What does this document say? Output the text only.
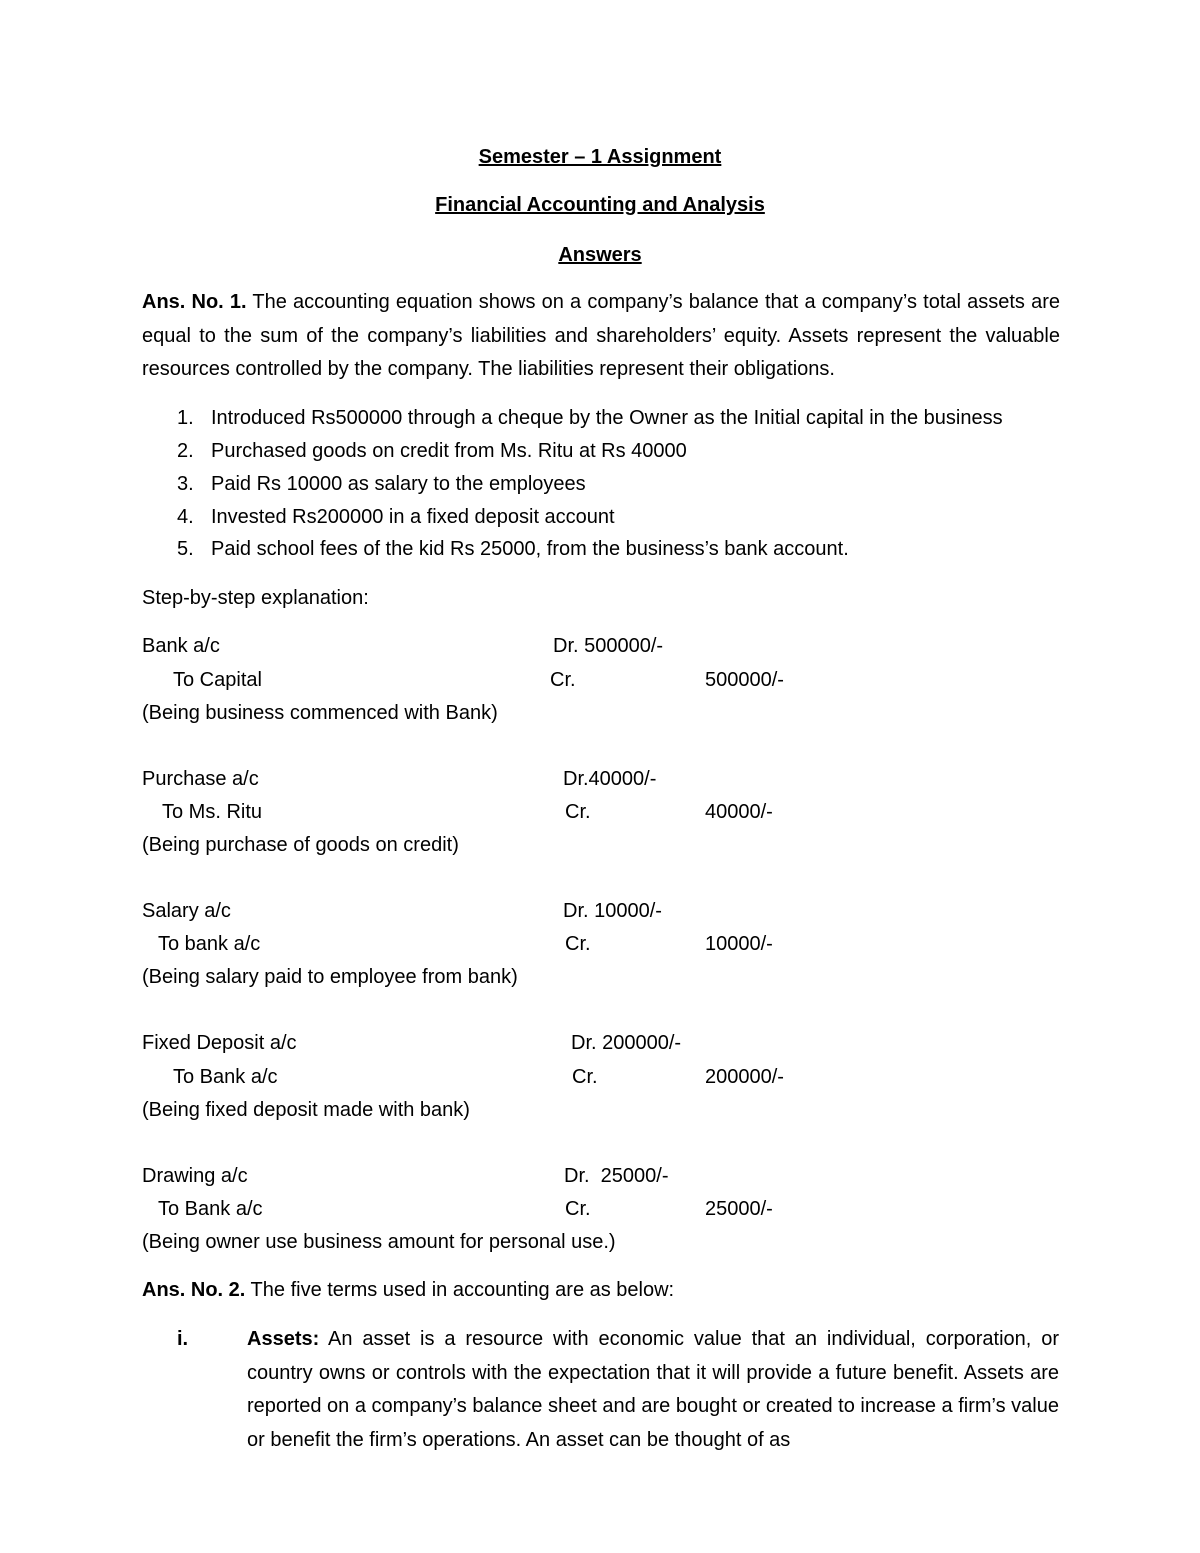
Semester – 1 Assignment
Financial Accounting and Analysis
Answers
Ans. No. 1. The accounting equation shows on a company’s balance that a company’s total assets are equal to the sum of the company’s liabilities and shareholders’ equity. Assets represent the valuable resources controlled by the company. The liabilities represent their obligations.
1. Introduced Rs500000 through a cheque by the Owner as the Initial capital in the business
2. Purchased goods on credit from Ms. Ritu at Rs 40000
3. Paid Rs 10000 as salary to the employees
4. Invested Rs200000 in a fixed deposit account
5. Paid school fees of the kid Rs 25000, from the business’s bank account.
Step-by-step explanation:
Bank a/c	Dr. 500000/-
To Capital	Cr.	500000/-
(Being business commenced with Bank)
Purchase a/c	Dr.40000/-
To Ms. Ritu	Cr.	40000/-
(Being purchase of goods on credit)
Salary a/c	Dr. 10000/-
To bank a/c	Cr.	10000/-
(Being salary paid to employee from bank)
Fixed Deposit a/c	Dr. 200000/-
To Bank a/c	Cr.	200000/-
(Being fixed deposit made with bank)
Drawing a/c	Dr.  25000/-
To Bank a/c	Cr.	25000/-
(Being owner use business amount for personal use.)
Ans. No. 2. The five terms used in accounting are as below:
i.	Assets: An asset is a resource with economic value that an individual, corporation, or country owns or controls with the expectation that it will provide a future benefit. Assets are reported on a company’s balance sheet and are bought or created to increase a firm’s value or benefit the firm’s operations. An asset can be thought of as
